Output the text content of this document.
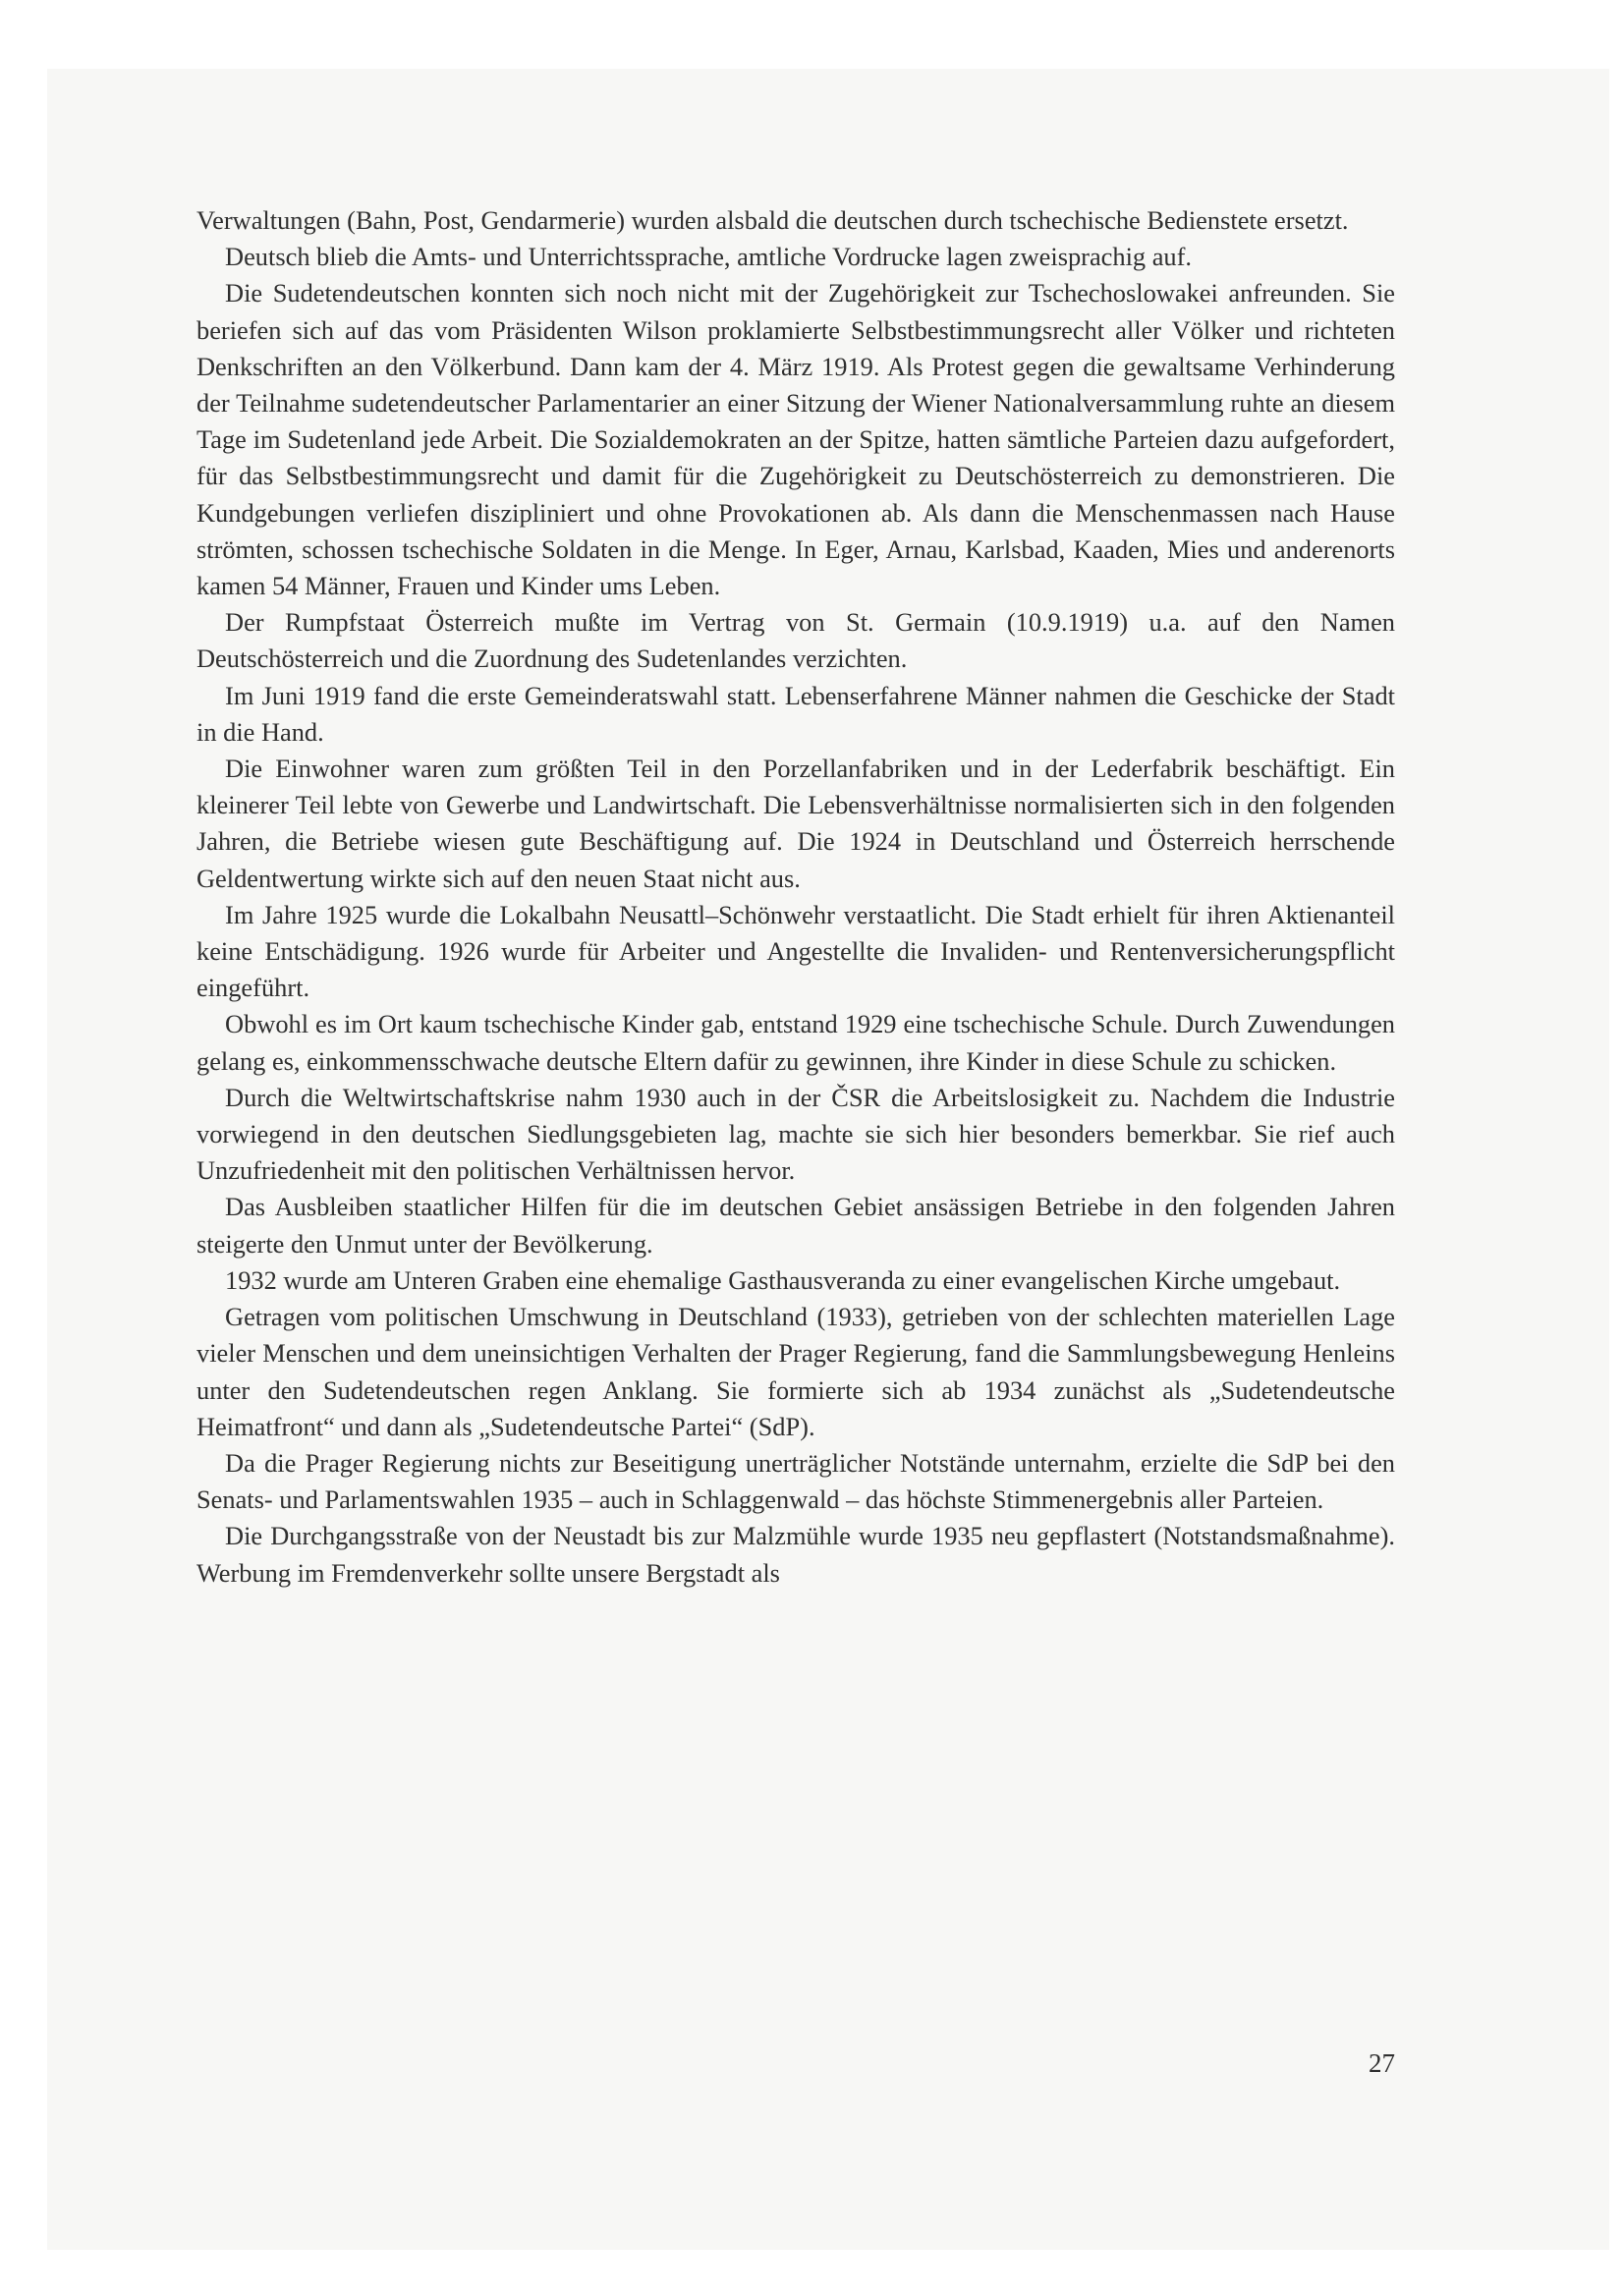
Verwaltungen (Bahn, Post, Gendarmerie) wurden alsbald die deutschen durch tschechische Bedienstete ersetzt.

Deutsch blieb die Amts- und Unterrichtssprache, amtliche Vordrucke lagen zweisprachig auf.

Die Sudetendeutschen konnten sich noch nicht mit der Zugehörigkeit zur Tschechoslowakei anfreunden. Sie beriefen sich auf das vom Präsidenten Wilson proklamierte Selbstbestimmungsrecht aller Völker und richteten Denkschriften an den Völkerbund. Dann kam der 4. März 1919. Als Protest gegen die gewaltsame Verhinderung der Teilnahme sudetendeutscher Parlamentarier an einer Sitzung der Wiener Nationalversammlung ruhte an diesem Tage im Sudetenland jede Arbeit. Die Sozialdemokraten an der Spitze, hatten sämtliche Parteien dazu aufgefordert, für das Selbstbestimmungsrecht und damit für die Zugehörigkeit zu Deutschösterreich zu demonstrieren. Die Kundgebungen verliefen diszipliniert und ohne Provokationen ab. Als dann die Menschenmassen nach Hause strömten, schossen tschechische Soldaten in die Menge. In Eger, Arnau, Karlsbad, Kaaden, Mies und anderenorts kamen 54 Männer, Frauen und Kinder ums Leben.

Der Rumpfstaat Österreich mußte im Vertrag von St. Germain (10.9.1919) u.a. auf den Namen Deutschösterreich und die Zuordnung des Sudetenlandes verzichten.

Im Juni 1919 fand die erste Gemeinderatswahl statt. Lebenserfahrene Männer nahmen die Geschicke der Stadt in die Hand.

Die Einwohner waren zum größten Teil in den Porzellanfabriken und in der Lederfabrik beschäftigt. Ein kleinerer Teil lebte von Gewerbe und Landwirtschaft. Die Lebensverhältnisse normalisierten sich in den folgenden Jahren, die Betriebe wiesen gute Beschäftigung auf. Die 1924 in Deutschland und Österreich herrschende Geldentwertung wirkte sich auf den neuen Staat nicht aus.

Im Jahre 1925 wurde die Lokalbahn Neusattl–Schönwehr verstaatlicht. Die Stadt erhielt für ihren Aktienanteil keine Entschädigung. 1926 wurde für Arbeiter und Angestellte die Invaliden- und Rentenversicherungspflicht eingeführt.

Obwohl es im Ort kaum tschechische Kinder gab, entstand 1929 eine tschechische Schule. Durch Zuwendungen gelang es, einkommensschwache deutsche Eltern dafür zu gewinnen, ihre Kinder in diese Schule zu schicken.

Durch die Weltwirtschaftskrise nahm 1930 auch in der ČSR die Arbeitslosigkeit zu. Nachdem die Industrie vorwiegend in den deutschen Siedlungsgebieten lag, machte sie sich hier besonders bemerkbar. Sie rief auch Unzufriedenheit mit den politischen Verhältnissen hervor.

Das Ausbleiben staatlicher Hilfen für die im deutschen Gebiet ansässigen Betriebe in den folgenden Jahren steigerte den Unmut unter der Bevölkerung.

1932 wurde am Unteren Graben eine ehemalige Gasthausveranda zu einer evangelischen Kirche umgebaut.

Getragen vom politischen Umschwung in Deutschland (1933), getrieben von der schlechten materiellen Lage vieler Menschen und dem uneinsichtigen Verhalten der Prager Regierung, fand die Sammlungsbewegung Henleins unter den Sudetendeutschen regen Anklang. Sie formierte sich ab 1934 zunächst als „Sudetendeutsche Heimatfront“ und dann als „Sudetendeutsche Partei“ (SdP).

Da die Prager Regierung nichts zur Beseitigung unerträglicher Notstände unternahm, erzielte die SdP bei den Senats- und Parlamentswahlen 1935 – auch in Schlaggenwald – das höchste Stimmenergebnis aller Parteien.

Die Durchgangsstraße von der Neustadt bis zur Malzmühle wurde 1935 neu gepflastert (Notstandsmaßnahme). Werbung im Fremdenverkehr sollte unsere Bergstadt als

27
